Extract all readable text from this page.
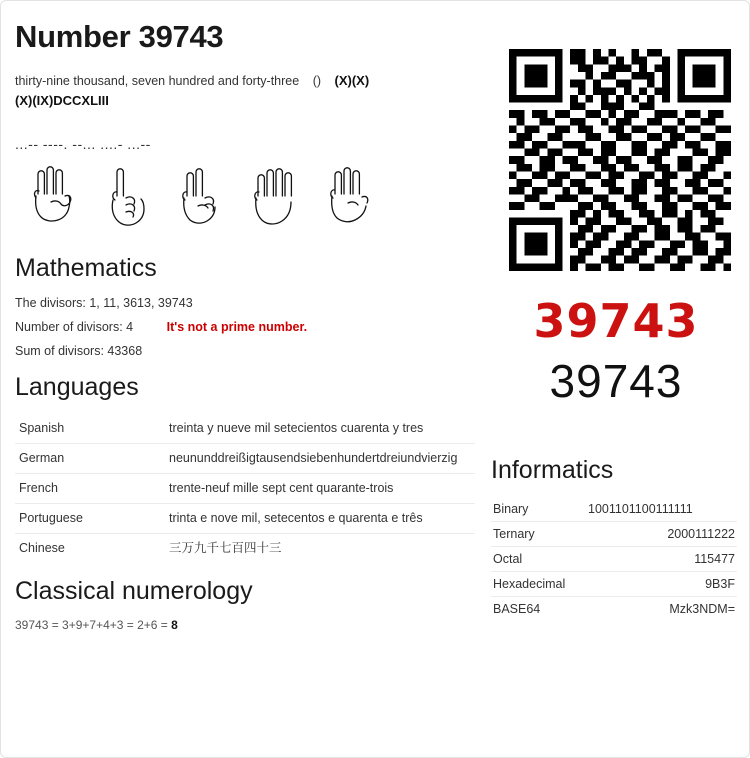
Number 39743
thirty-nine thousand, seven hundred and forty-three () (X)(X)
(X)(IX)DCCXLIII
...-- ----. --... ....- ...--
Mathematics
The divisors: 1, 11, 3613, 39743
Number of divisors: 4	It's not a prime number.
Sum of divisors: 43368
Languages
Spanish	treinta y nueve mil setecientos cuarenta y tres
German	neununddreißigtausendsiebenhundertdreiundvierzig
French	trente-neuf mille sept cent quarante-trois
Portuguese	trinta e nove mil, setecentos e quarenta e três
Chinese	三万九千七百四十三
Classical numerology
39743 = 3+9+7+4+3 = 2+6 = 8
39743
39743
Informatics
Binary	1001101100111111
Ternary	2000111222
Octal	115477
Hexadecimal	9B3F
BASE64	Mzk3NDM=
